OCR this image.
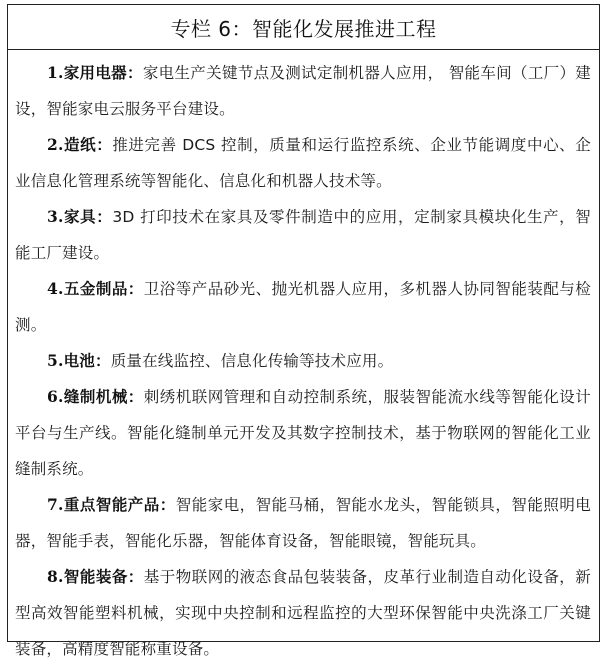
专栏 6：智能化发展推进工程

1.家用电器：家电生产关键节点及测试定制机器人应用， 智能车间（工厂）建设，智能家电云服务平台建设。

2.造纸：推进完善 DCS 控制，质量和运行监控系统、企业节能调度中心、企业信息化管理系统等智能化、信息化和机器人技术等。

3.家具：3D 打印技术在家具及零件制造中的应用，定制家具模块化生产，智能工厂建设。

4.五金制品：卫浴等产品砂光、抛光机器人应用，多机器人协同智能装配与检测。

5.电池：质量在线监控、信息化传输等技术应用。

6.缝制机械：刺绣机联网管理和自动控制系统，服装智能流水线等智能化设计平台与生产线。智能化缝制单元开发及其数字控制技术，基于物联网的智能化工业缝制系统。

7.重点智能产品：智能家电，智能马桶，智能水龙头，智能锁具，智能照明电器，智能手表，智能化乐器，智能体育设备，智能眼镜，智能玩具。

8.智能装备：基于物联网的液态食品包装装备，皮革行业制造自动化设备，新型高效智能塑料机械，实现中央控制和远程监控的大型环保智能中央洗涤工厂关键装备，高精度智能称重设备。
